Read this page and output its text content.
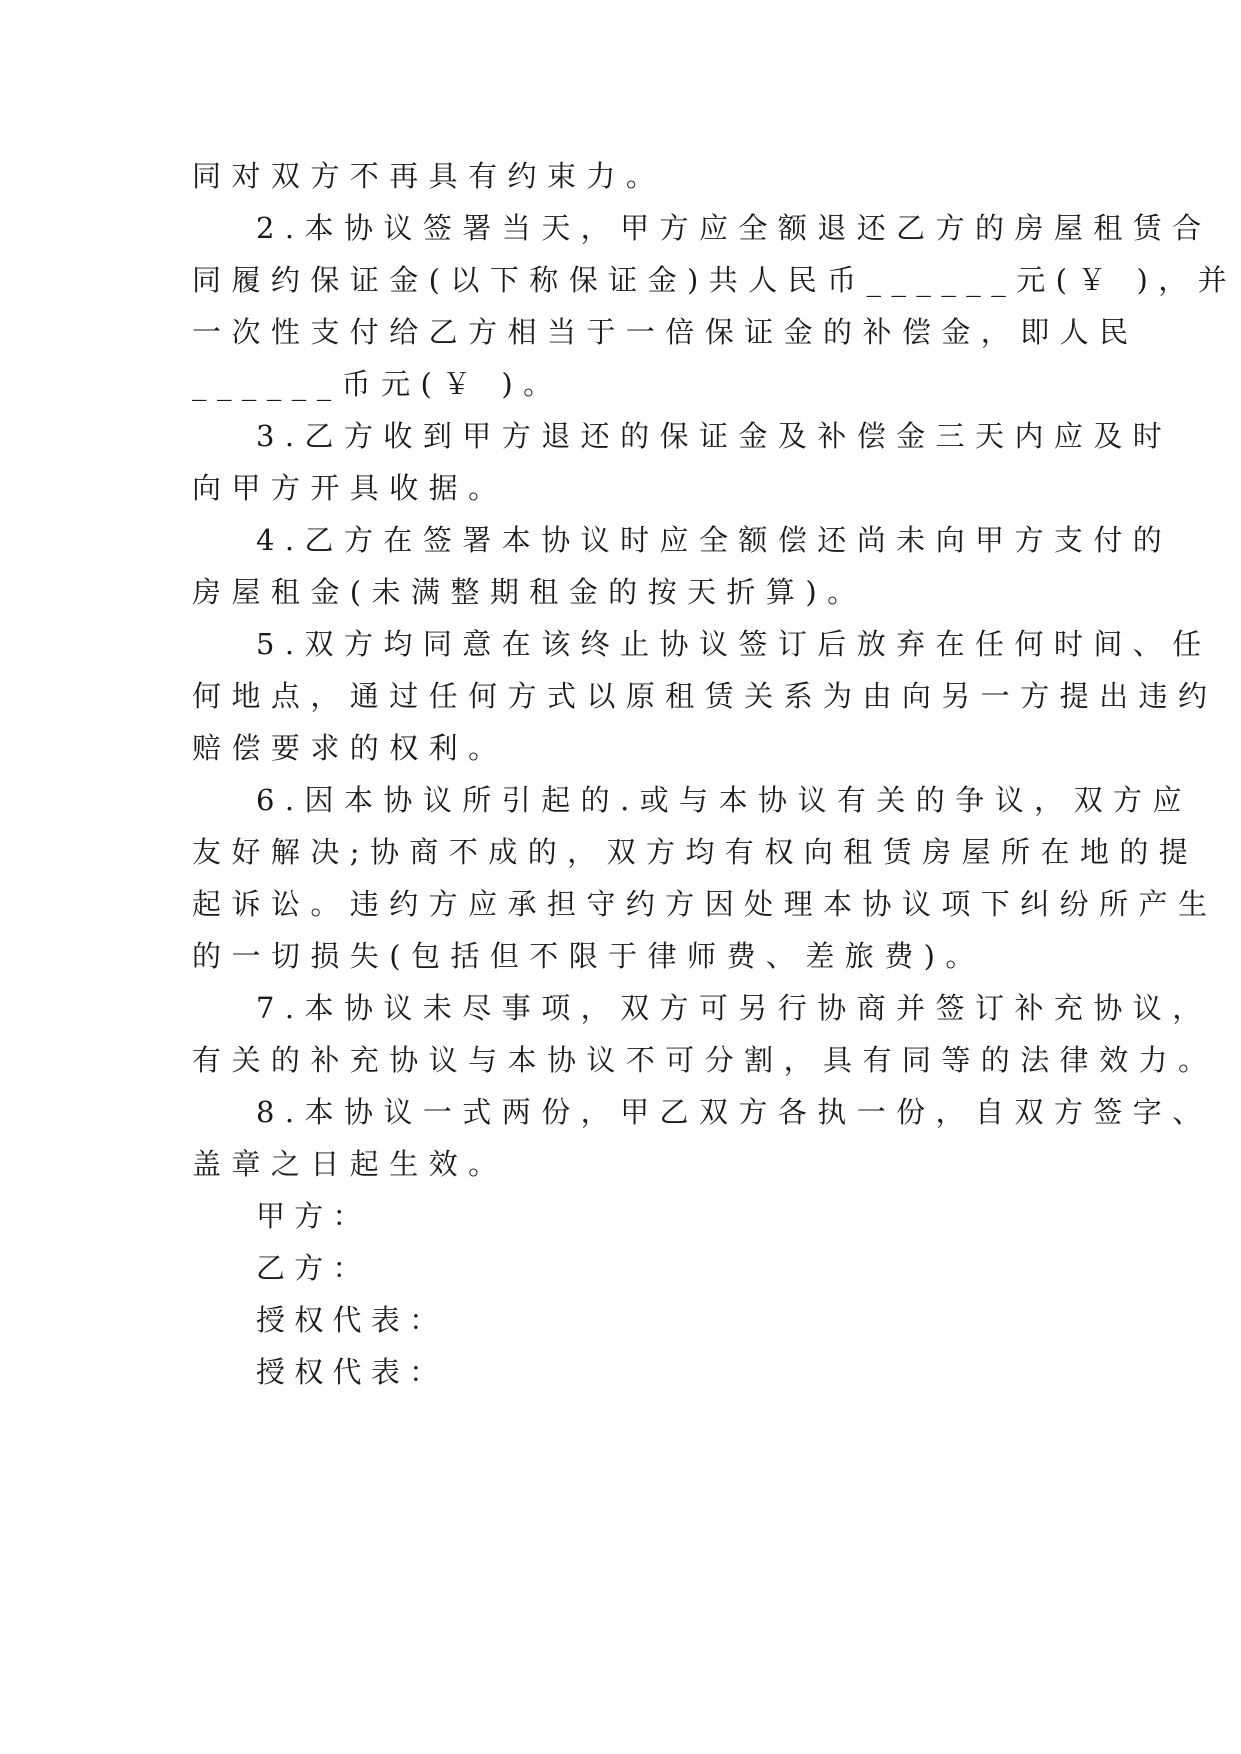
同对双方不再具有约束力。
2.本协议签署当天，甲方应全额退还乙方的房屋租赁合
同履约保证金(以下称保证金)共人民币______元(￥ )，并
一次性支付给乙方相当于一倍保证金的补偿金，即人民
______币元(￥ )。
3.乙方收到甲方退还的保证金及补偿金三天内应及时
向甲方开具收据。
4.乙方在签署本协议时应全额偿还尚未向甲方支付的
房屋租金(未满整期租金的按天折算)。
5.双方均同意在该终止协议签订后放弃在任何时间、任
何地点，通过任何方式以原租赁关系为由向另一方提出违约
赔偿要求的权利。
6.因本协议所引起的.或与本协议有关的争议，双方应
友好解决;协商不成的，双方均有权向租赁房屋所在地的提
起诉讼。违约方应承担守约方因处理本协议项下纠纷所产生
的一切损失(包括但不限于律师费、差旅费)。
7.本协议未尽事项，双方可另行协商并签订补充协议，
有关的补充协议与本协议不可分割，具有同等的法律效力。
8.本协议一式两份，甲乙双方各执一份，自双方签字、
盖章之日起生效。
甲方：
乙方：
授权代表：
授权代表：
